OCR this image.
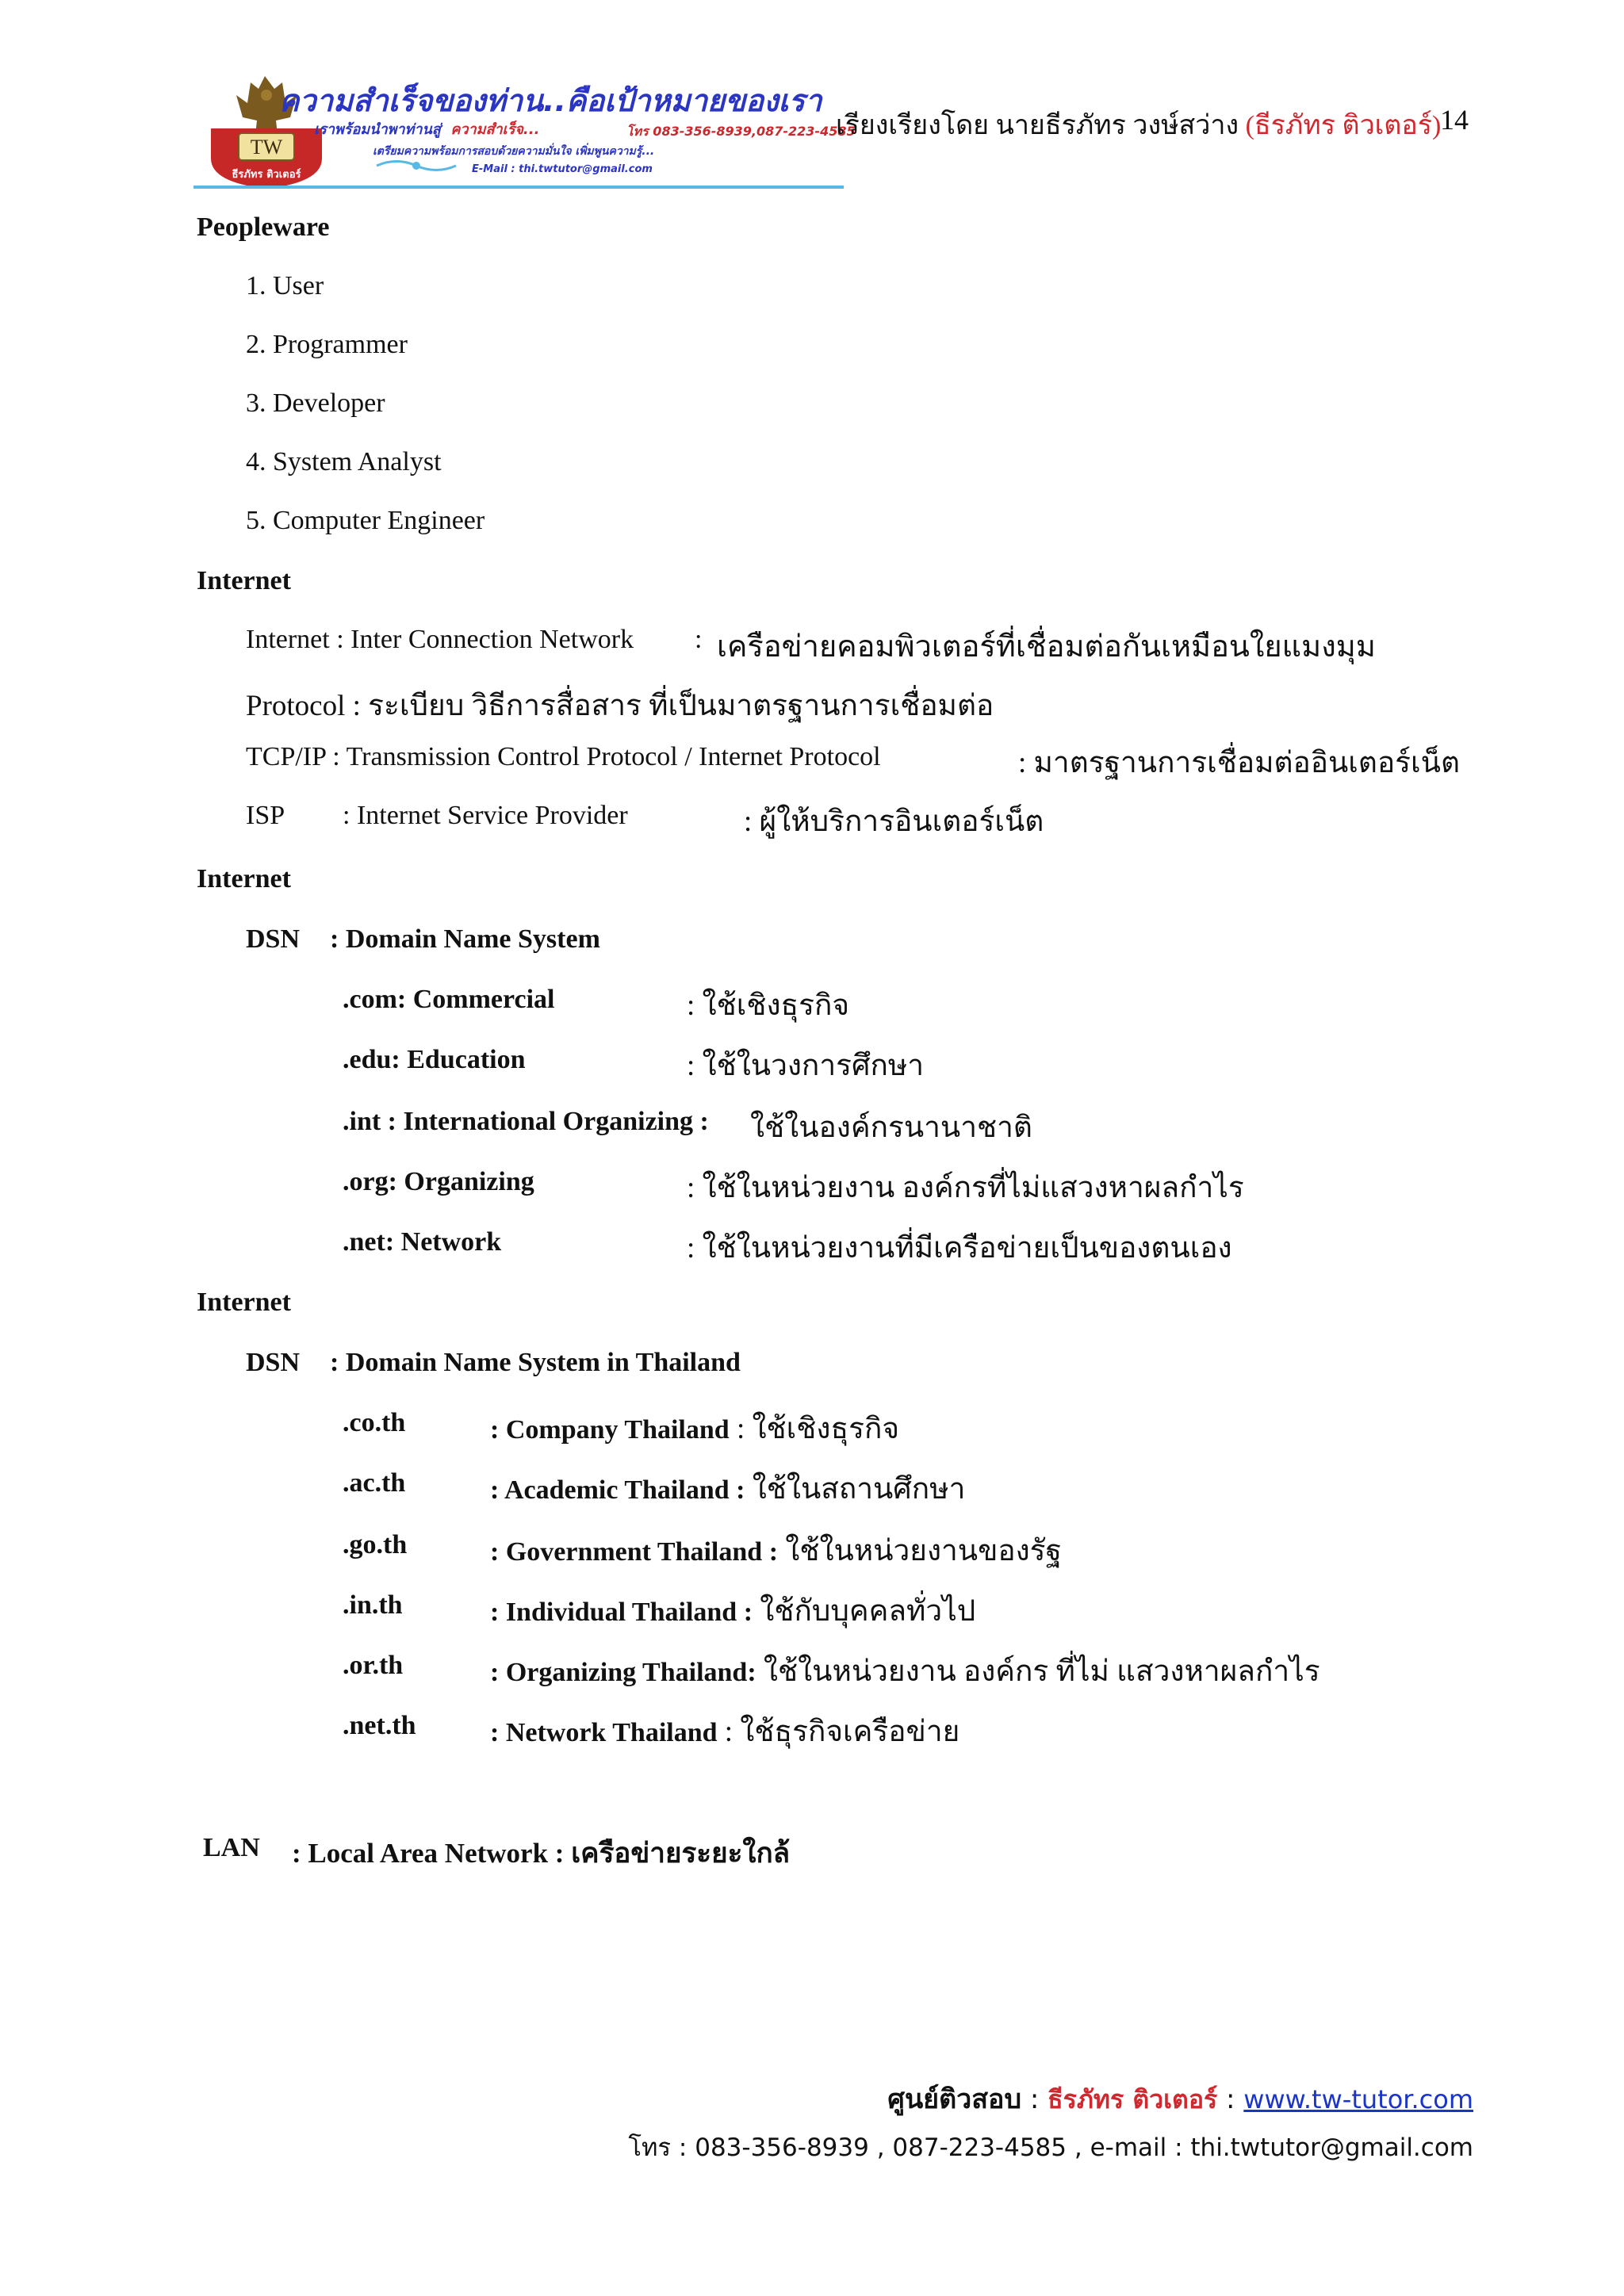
TW
ธีรภัทร ติวเตอร์
ความสำเร็จของท่าน..คือเป้าหมายของเรา
เราพร้อมนำพาท่านสู่ ความสำเร็จ...
เตรียมความพร้อมการสอบด้วยความมั่นใจ เพิ่มพูนความรู้...
E-Mail : thi.twtutor@gmail.com
โทร 083-356-8939,087-223-4585
เรียงเรียงโดย นายธีรภัทร วงษ์สว่าง (ธีรภัทร ติวเตอร์)
14
Peopleware
1. User
2. Programmer
3. Developer
4. System Analyst
5. Computer Engineer
Internet
Internet : Inter Connection Network : เครือข่ายคอมพิวเตอร์ที่เชื่อมต่อกันเหมือนใยแมงมุม
Protocol : ระเบียบ วิธีการสื่อสาร ที่เป็นมาตรฐานการเชื่อมต่อ
TCP/IP : Transmission Control Protocol / Internet Protocol	: มาตรฐานการเชื่อมต่ออินเตอร์เน็ต
ISP : Internet Service Provider	: ผู้ให้บริการอินเตอร์เน็ต
Internet
DSN : Domain Name System
.com: Commercial	: ใช้เชิงธุรกิจ
.edu: Education	: ใช้ในวงการศึกษา
.int : International Organizing : ใช้ในองค์กรนานาชาติ
.org: Organizing	: ใช้ในหน่วยงาน องค์กรที่ไม่แสวงหาผลกำไร
.net: Network	: ใช้ในหน่วยงานที่มีเครือข่ายเป็นของตนเอง
Internet
DSN : Domain Name System in Thailand
.co.th	: Company Thailand : ใช้เชิงธุรกิจ
.ac.th	: Academic Thailand : ใช้ในสถานศึกษา
.go.th	: Government Thailand : ใช้ในหน่วยงานของรัฐ
.in.th	: Individual Thailand : ใช้กับบุคคลทั่วไป
.or.th	: Organizing Thailand: ใช้ในหน่วยงาน องค์กร ที่ไม่ แสวงหาผลกำไร
.net.th	: Network Thailand : ใช้ธุรกิจเครือข่าย
LAN : Local Area Network : เครือข่ายระยะใกล้
ศูนย์ติวสอบ : ธีรภัทร ติวเตอร์ : www.tw-tutor.com
โทร : 083-356-8939 , 087-223-4585 , e-mail : thi.twtutor@gmail.com
